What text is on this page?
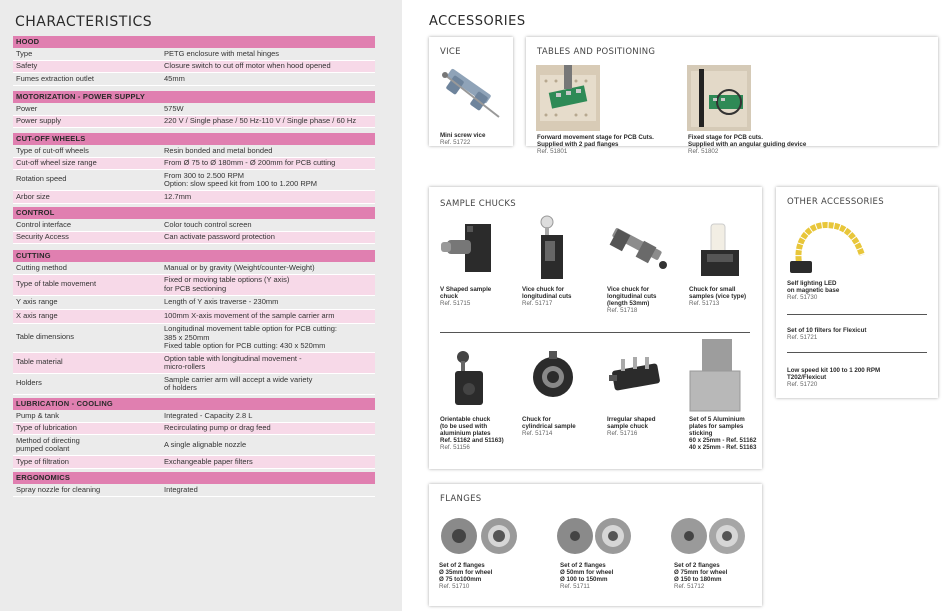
CHARACTERISTICS
HOOD
Type	PETG enclosure with metal hinges
Safety	Closure switch to cut off motor when hood opened
Fumes extraction outlet	45mm
MOTORIZATION - POWER SUPPLY
Power	575W
Power supply	220 V / Single phase / 50 Hz-110 V / Single phase / 60 Hz
CUT-OFF WHEELS
Type of cut-off wheels	Resin bonded and metal bonded
Cut-off wheel size range	From Ø 75 to Ø 180mm - Ø 200mm for PCB cutting
Rotation speed	From 300 to 2.500 RPM
Option: slow speed kit from 100 to 1.200 RPM
Arbor size	12.7mm
CONTROL
Control interface	Color touch control screen
Security Access	Can activate password protection
CUTTING
Cutting method	Manual or by gravity (Weight/counter-Weight)
Type of table movement	Fixed or moving table options (Y axis)
for PCB sectioning
Y axis range	Length of Y axis traverse - 230mm
X axis range	100mm X-axis movement of the sample carrier arm
Table dimensions
Longitudinal movement table option for PCB cutting:
385 x 250mm
Fixed table option for PCB cutting: 430 x 520mm
Table material	Option table with longitudinal movement -
micro-rollers
Holders	Sample carrier arm will accept a wide variety
of holders
LUBRICATION - COOLING
Pump & tank	Integrated - Capacity 2.8 L
Type of lubrication	Recirculating pump or drag feed
Method of directing
pumped coolant	A single alignable nozzle
Type of filtration	Exchangeable paper filters
ERGONOMICS
Spray nozzle for cleaning	Integrated
ACCESSORIES
VICE
Mini screw vice
Ref. 51722
TABLES AND POSITIONING
Forward movement stage for PCB Cuts.
Supplied with 2 pad flanges
Ref. 51801
Fixed stage for PCB cuts.
Supplied with an angular guiding device
Ref. 51802
SAMPLE CHUCKS
V Shaped sample
chuck
Ref. 51715
Vice chuck for
longitudinal cuts
Ref. 51717
Vice chuck for
longitudinal cuts
(length 53mm)
Ref. 51718
Chuck for small
samples (vice type)
Ref. 51713
Orientable chuck
(to be used with
aluminium plates
Ref. 51162 and 51163)
Ref. 51156
Chuck for
cylindrical sample
Ref. 51714
Irregular shaped
sample chuck
Ref. 51716
Set of 5 Aluminium
plates for samples
sticking
60 x 25mm - Ref. 51162
40 x 25mm - Ref. 51163
OTHER ACCESSORIES
Self lighting LED
on magnetic base
Ref. 51730
Set of 10 filters for Flexicut
Ref. 51721
Low speed kit 100 to 1 200 RPM
T202/Flexicut
Ref. 51720
FLANGES
Set of 2 flanges
Ø 35mm for wheel
Ø 75 to100mm
Ref. 51710
Set of 2 flanges
Ø 50mm for wheel
Ø 100 to 150mm
Ref. 51711
Set of 2 flanges
Ø 75mm for wheel
Ø 150 to 180mm
Ref. 51712
